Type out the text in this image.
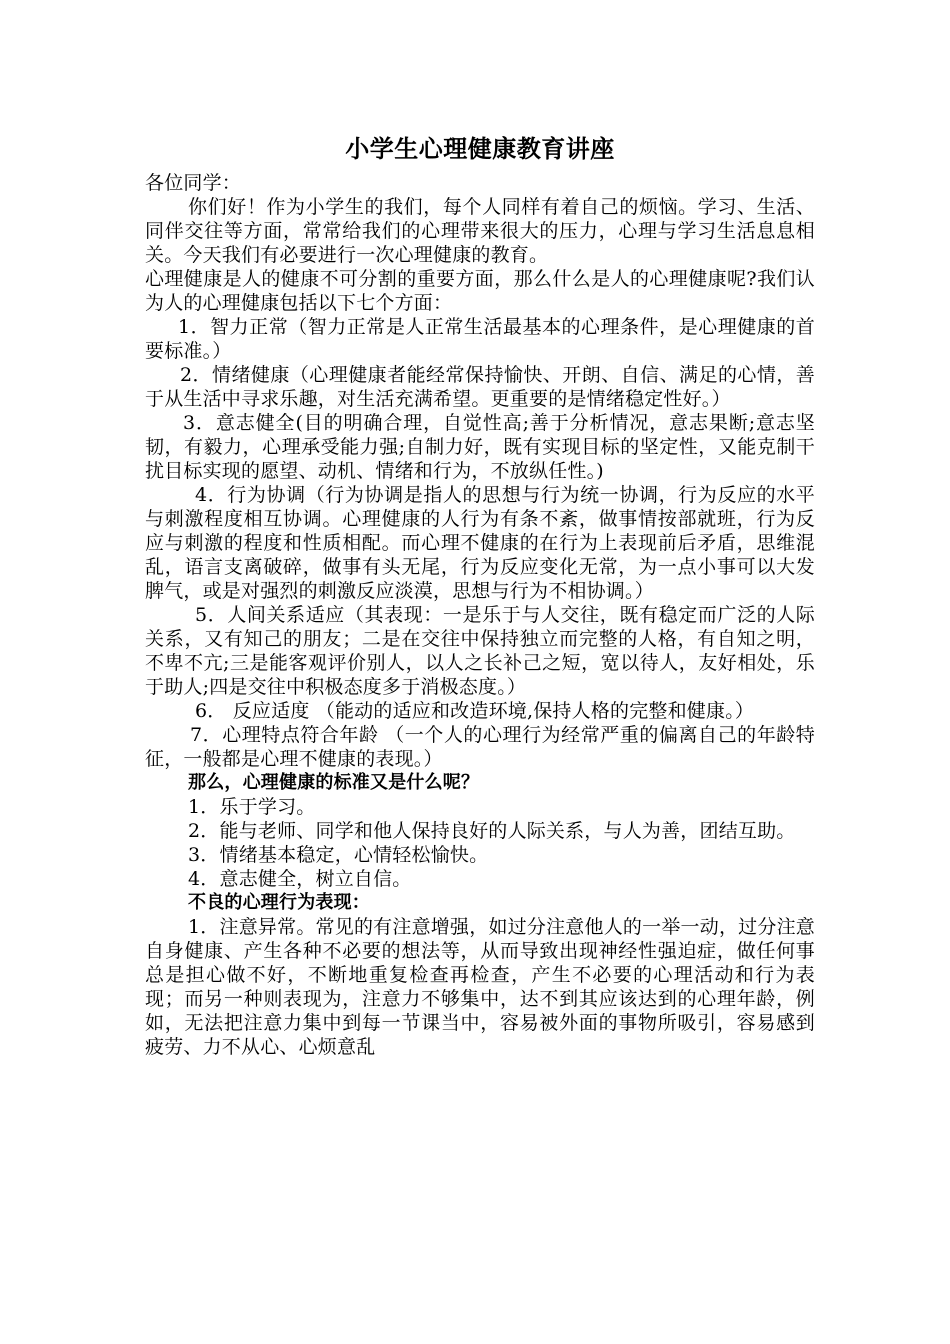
小学生心理健康教育讲座

各位同学：

你们好！作为小学生的我们，每个人同样有着自己的烦恼。学习、生活、同伴交往等方面，常常给我们的心理带来很大的压力，心理与学习生活息息相关。今天我们有必要进行一次心理健康的教育。

心理健康是人的健康不可分割的重要方面，那么什么是人的心理健康呢?我们认为人的心理健康包括以下七个方面：

1．智力正常（智力正常是人正常生活最基本的心理条件，是心理健康的首要标准。）

2．情绪健康（心理健康者能经常保持愉快、开朗、自信、满足的心情，善于从生活中寻求乐趣，对生活充满希望。更重要的是情绪稳定性好。）

3．意志健全(目的明确合理，自觉性高;善于分析情况，意志果断;意志坚韧，有毅力，心理承受能力强;自制力好，既有实现目标的坚定性，又能克制干扰目标实现的愿望、动机、情绪和行为，不放纵任性。)

4．行为协调（行为协调是指人的思想与行为统一协调，行为反应的水平与刺激程度相互协调。心理健康的人行为有条不紊，做事情按部就班，行为反应与刺激的程度和性质相配。而心理不健康的在行为上表现前后矛盾，思维混乱，语言支离破碎，做事有头无尾，行为反应变化无常，为一点小事可以大发脾气，或是对强烈的刺激反应淡漠，思想与行为不相协调。）

5．人间关系适应（其表现：一是乐于与人交往，既有稳定而广泛的人际关系，又有知己的朋友；二是在交往中保持独立而完整的人格，有自知之明，不卑不亢;三是能客观评价别人，以人之长补己之短，宽以待人，友好相处，乐于助人;四是交往中积极态度多于消极态度。）

6． 反应适度 （能动的适应和改造环境,保持人格的完整和健康。）

7．心理特点符合年龄 （一个人的心理行为经常严重的偏离自己的年龄特征，一般都是心理不健康的表现。）

那么，心理健康的标准又是什么呢？

1．乐于学习。

2．能与老师、同学和他人保持良好的人际关系，与人为善，团结互助。

3．情绪基本稳定，心情轻松愉快。

4．意志健全，树立自信。

不良的心理行为表现：

1．注意异常。常见的有注意增强，如过分注意他人的一举一动，过分注意自身健康、产生各种不必要的想法等，从而导致出现神经性强迫症，做任何事总是担心做不好，不断地重复检查再检查，产生不必要的心理活动和行为表现；而另一种则表现为，注意力不够集中，达不到其应该达到的心理年龄，例如，无法把注意力集中到每一节课当中，容易被外面的事物所吸引，容易感到疲劳、力不从心、心烦意乱
